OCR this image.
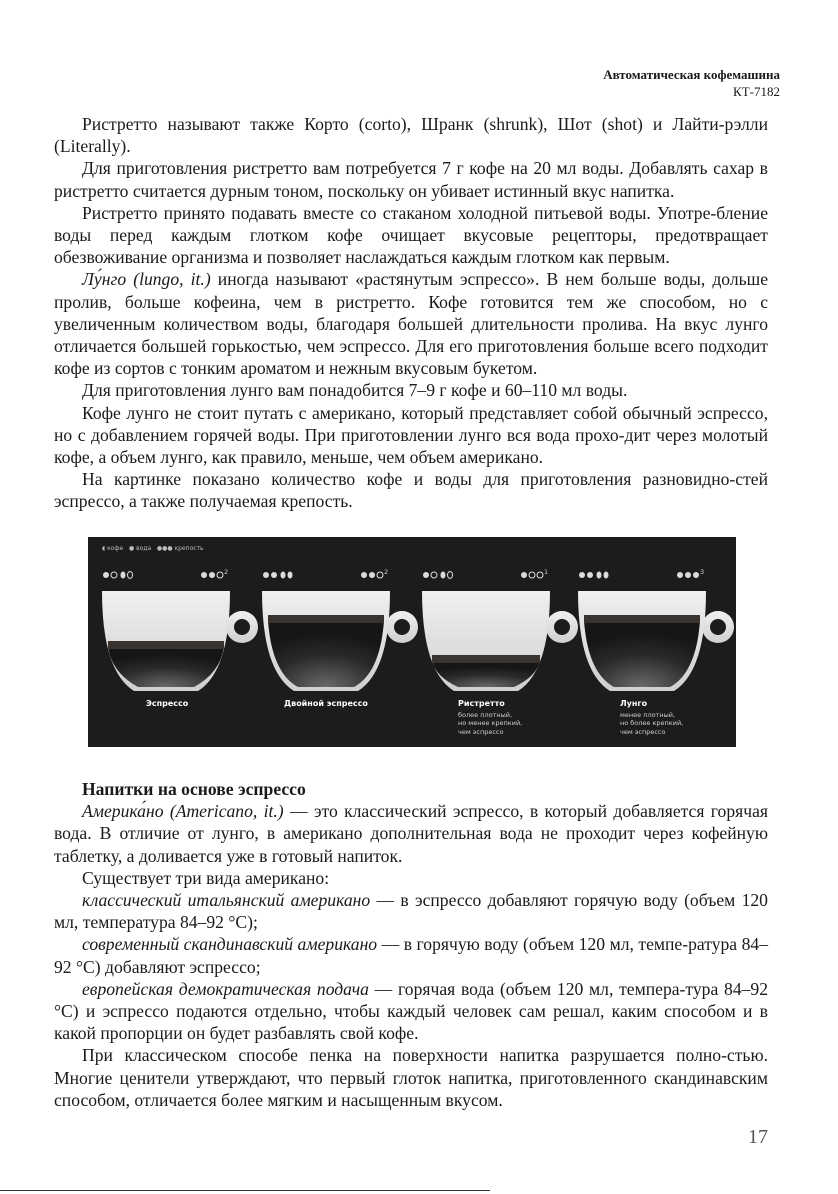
Автоматическая кофемашина
КТ-7182

Ристретто называют также Корто (corto), Шранк (shrunk), Шот (shot) и Лайти-рэлли (Literally).

Для приготовления ристретто вам потребуется 7 г кофе на 20 мл воды. Добавлять сахар в ристретто считается дурным тоном, поскольку он убивает истинный вкус напитка.

Ристретто принято подавать вместе со стаканом холодной питьевой воды. Употре-бление воды перед каждым глотком кофе очищает вкусовые рецепторы, предотвращает обезвоживание организма и позволяет наслаждаться каждым глотком как первым.

Лу́нго (lungo, it.) иногда называют «растянутым эспрессо». В нем больше воды, дольше пролив, больше кофеина, чем в ристретто. Кофе готовится тем же способом, но с увеличенным количеством воды, благодаря большей длительности пролива. На вкус лунго отличается большей горькостью, чем эспрессо. Для его приготовления больше всего подходит кофе из сортов с тонким ароматом и нежным вкусовым букетом.

Для приготовления лунго вам понадобится 7–9 г кофе и 60–110 мл воды.

Кофе лунго не стоит путать с американо, который представляет собой обычный эспрессо, но с добавлением горячей воды. При приготовлении лунго вся вода прохо-дит через молотый кофе, а объем лунго, как правило, меньше, чем объем американо.

На картинке показано количество кофе и воды для приготовления разновидно-стей эспрессо, а также получаемая крепость.

◖ кофе ● вода ●●● крепость
2	2	1	3
Эспрессо	Двойной эспрессо	Ристретто	Лунго
более плотный,
но менее крепкий,
чем эспрессо
менее плотный,
но более крепкий,
чем эспрессо

Напитки на основе эспрессо

Америка́но (Americano, it.) — это классический эспрессо, в который добавляется горячая вода. В отличие от лунго, в американо дополнительная вода не проходит через кофейную таблетку, а доливается уже в готовый напиток.

Существует три вида американо:

классический итальянский американо — в эспрессо добавляют горячую воду (объем 120 мл, температура 84–92 °С);

современный скандинавский американо — в горячую воду (объем 120 мл, темпе-ратура 84–92 °С) добавляют эспрессо;

европейская демократическая подача — горячая вода (объем 120 мл, темпера-тура 84–92 °С) и эспрессо подаются отдельно, чтобы каждый человек сам решал, каким способом и в какой пропорции он будет разбавлять свой кофе.

При классическом способе пенка на поверхности напитка разрушается полно-стью. Многие ценители утверждают, что первый глоток напитка, приготовленного скандинавским способом, отличается более мягким и насыщенным вкусом.

17
